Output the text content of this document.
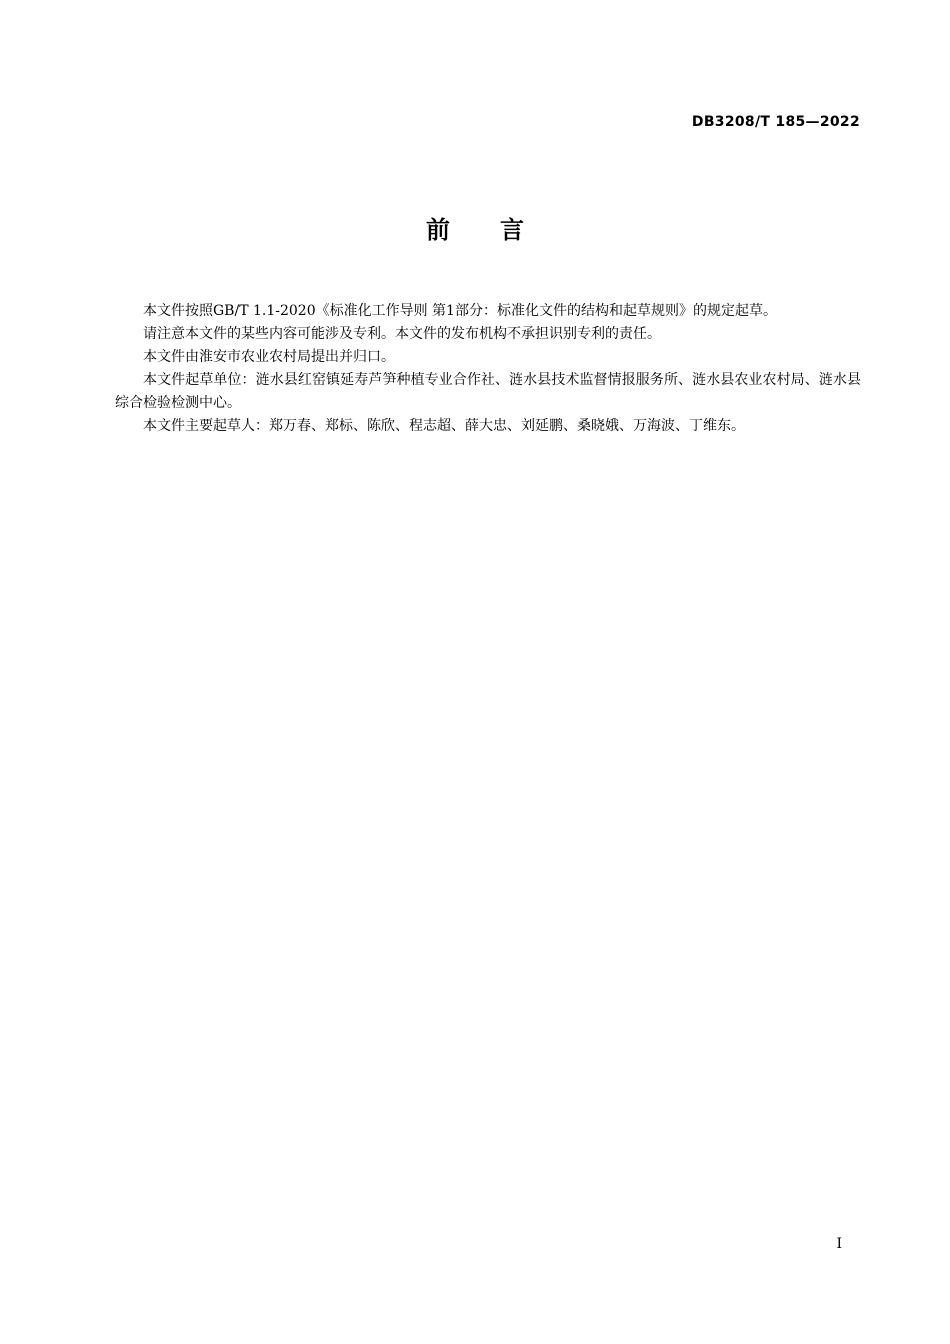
DB3208/T 185—2022
前言

本文件按照GB/T 1.1-2020《标准化工作导则 第1部分：标准化文件的结构和起草规则》的规定起草。

请注意本文件的某些内容可能涉及专利。本文件的发布机构不承担识别专利的责任。

本文件由淮安市农业农村局提出并归口。

本文件起草单位：涟水县红窑镇延寿芦笋种植专业合作社、涟水县技术监督情报服务所、涟水县农业农村局、涟水县综合检验检测中心。

本文件主要起草人：郑万春、郑标、陈欣、程志超、薛大忠、刘延鹏、桑晓娥、万海波、丁维东。

I
